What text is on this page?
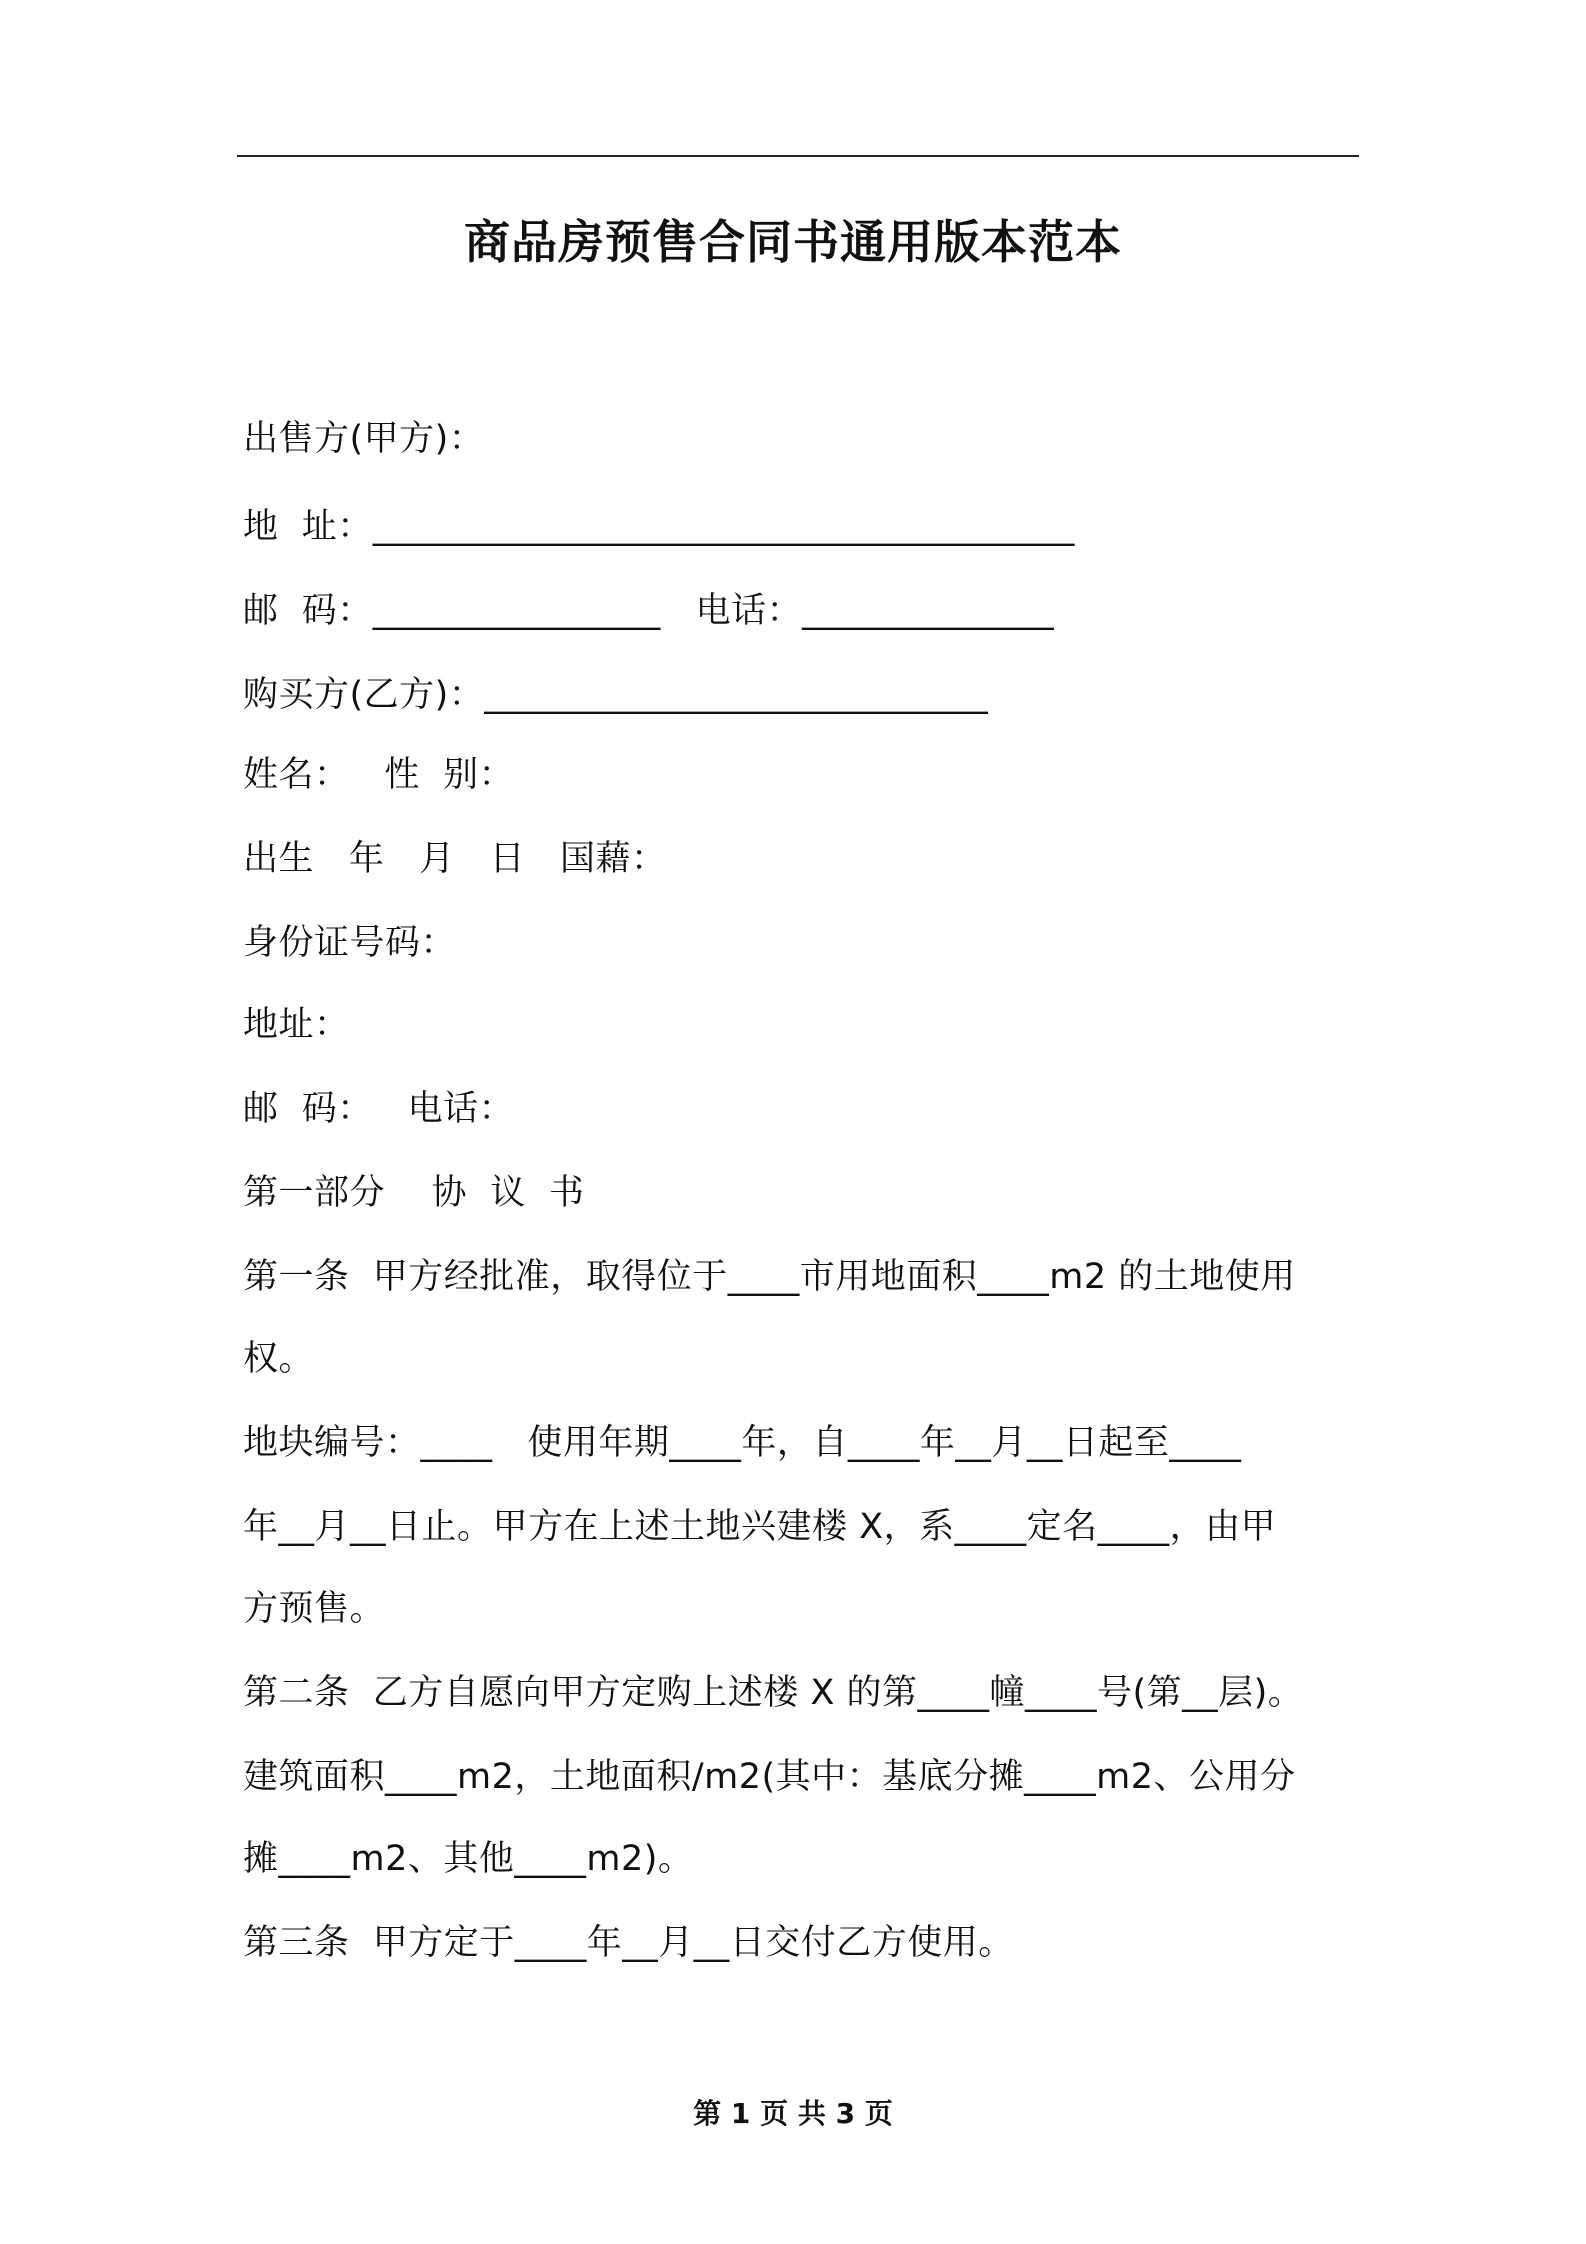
商品房预售合同书通用版本范本
出售方(甲方)：
地  址：_______________________________________
邮  码：________________   电话：______________
购买方(乙方)：____________________________
姓名：   性  别：
出生   年   月   日   国藉：
身份证号码：
地址：
邮  码：   电话：
第一部分    协  议  书
第一条  甲方经批准，取得位于____市用地面积____m2 的土地使用
权。
地块编号：____   使用年期____年，自____年__月__日起至____
年__月__日止。甲方在上述土地兴建楼 X，系____定名____，由甲
方预售。
第二条  乙方自愿向甲方定购上述楼 X 的第____幢____号(第__层)。
建筑面积____m2，土地面积/m2(其中：基底分摊____m2、公用分
摊____m2、其他____m2)。
第三条  甲方定于____年__月__日交付乙方使用。
第 1 页 共 3 页
